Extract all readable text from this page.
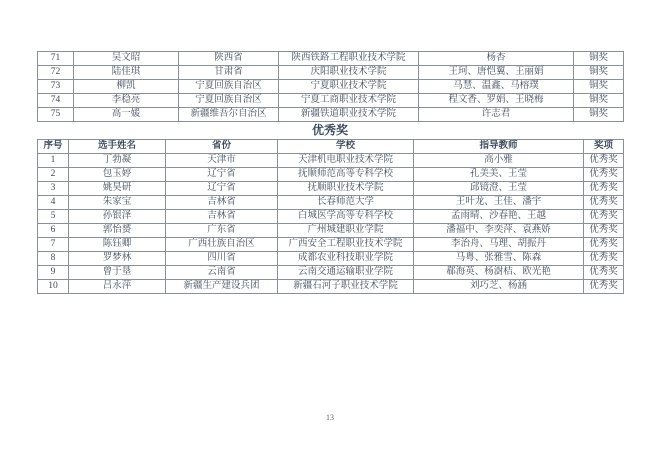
71	吴文昭	陕西省	陕西铁路工程职业技术学院	杨杏	铜奖
72	陆佳琪	甘肃省	庆阳职业技术学院	王珂、唐恺翼、王丽娟	铜奖
73	柳凯	宁夏回族自治区	宁夏职业技术学院	马慧、温鑫、马榕璞	铜奖
74	李稳亮	宁夏回族自治区	宁夏工商职业技术学院	程文香、罗娟、王晓梅	铜奖
75	高一媛	新疆维吾尔自治区	新疆铁道职业技术学院	许志君	铜奖
优秀奖
序号	选手姓名	省份	学校	指导教师	奖项
1	丁勃凝	天津市	天津机电职业技术学院	高小雅	优秀奖
2	包玉婷	辽宁省	抚顺师范高等专科学校	孔美美、王莹	优秀奖
3	姚昊研	辽宁省	抚顺职业技术学院	邱镜澄、王莹	优秀奖
4	朱家宝	吉林省	长春师范大学	王叶龙、王佳、潘宇	优秀奖
5	孙银泽	吉林省	白城医学高等专科学校	孟雨晴、沙春艳、王越	优秀奖
6	郭怡赟	广东省	广州城建职业学院	潘福中、李奕萍、袁燕娇	优秀奖
7	陈钰卿	广西壮族自治区	广西安全工程职业技术学院	李治舟、马理、胡振丹	优秀奖
8	罗梦林	四川省	成都农业科技职业学院	马粤、张雅雪、陈森	优秀奖
9	曾于垦	云南省	云南交通运输职业学院	郗海英、杨澍桔、欧光艳	优秀奖
10	吕永萍	新疆生产建设兵团	新疆石河子职业技术学院	刘巧芝、杨涵	优秀奖
13
